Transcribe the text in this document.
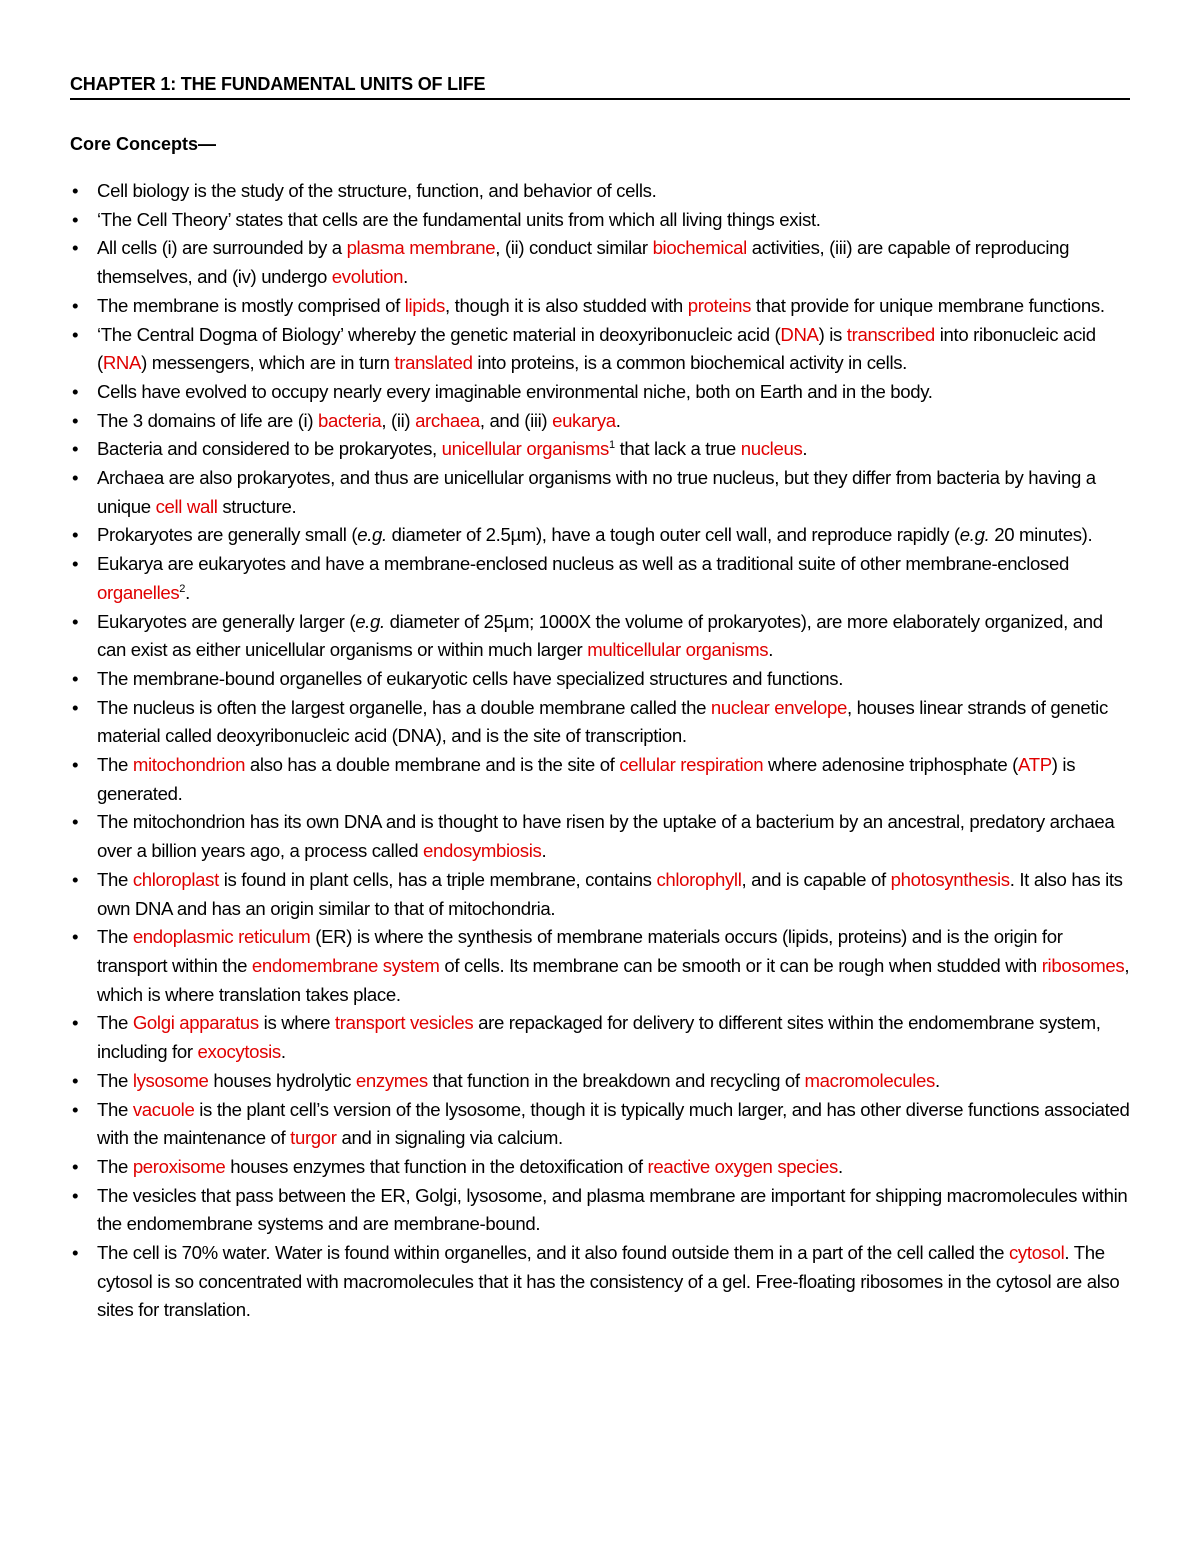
CHAPTER 1: THE FUNDAMENTAL UNITS OF LIFE
Core Concepts—
• Cell biology is the study of the structure, function, and behavior of cells.
• ‘The Cell Theory’ states that cells are the fundamental units from which all living things exist.
• All cells (i) are surrounded by a plasma membrane, (ii) conduct similar biochemical activities, (iii) are capable of reproducing themselves, and (iv) undergo evolution.
• The membrane is mostly comprised of lipids, though it is also studded with proteins that provide for unique membrane functions.
• ‘The Central Dogma of Biology’ whereby the genetic material in deoxyribonucleic acid (DNA) is transcribed into ribonucleic acid (RNA) messengers, which are in turn translated into proteins, is a common biochemical activity in cells.
• Cells have evolved to occupy nearly every imaginable environmental niche, both on Earth and in the body.
• The 3 domains of life are (i) bacteria, (ii) archaea, and (iii) eukarya.
• Bacteria and considered to be prokaryotes, unicellular organisms$^1$ that lack a true nucleus.
• Archaea are also prokaryotes, and thus are unicellular organisms with no true nucleus, but they differ from bacteria by having a unique cell wall structure.
• Prokaryotes are generally small (e.g. diameter of 2.5µm), have a tough outer cell wall, and reproduce rapidly (e.g. 20 minutes).
• Eukarya are eukaryotes and have a membrane-enclosed nucleus as well as a traditional suite of other membrane-enclosed organelles$^2$.
• Eukaryotes are generally larger (e.g. diameter of 25µm; 1000X the volume of prokaryotes), are more elaborately organized, and can exist as either unicellular organisms or within much larger multicellular organisms.
• The membrane-bound organelles of eukaryotic cells have specialized structures and functions.
• The nucleus is often the largest organelle, has a double membrane called the nuclear envelope, houses linear strands of genetic material called deoxyribonucleic acid (DNA), and is the site of transcription.
• The mitochondrion also has a double membrane and is the site of cellular respiration where adenosine triphosphate (ATP) is generated.
• The mitochondrion has its own DNA and is thought to have risen by the uptake of a bacterium by an ancestral, predatory archaea over a billion years ago, a process called endosymbiosis.
• The chloroplast is found in plant cells, has a triple membrane, contains chlorophyll, and is capable of photosynthesis. It also has its own DNA and has an origin similar to that of mitochondria.
• The endoplasmic reticulum (ER) is where the synthesis of membrane materials occurs (lipids, proteins) and is the origin for transport within the endomembrane system of cells. Its membrane can be smooth or it can be rough when studded with ribosomes, which is where translation takes place.
• The Golgi apparatus is where transport vesicles are repackaged for delivery to different sites within the endomembrane system, including for exocytosis.
• The lysosome houses hydrolytic enzymes that function in the breakdown and recycling of macromolecules.
• The vacuole is the plant cell’s version of the lysosome, though it is typically much larger, and has other diverse functions associated with the maintenance of turgor and in signaling via calcium.
• The peroxisome houses enzymes that function in the detoxification of reactive oxygen species.
• The vesicles that pass between the ER, Golgi, lysosome, and plasma membrane are important for shipping macromolecules within the endomembrane systems and are membrane-bound.
• The cell is 70% water. Water is found within organelles, and it also found outside them in a part of the cell called the cytosol. The cytosol is so concentrated with macromolecules that it has the consistency of a gel. Free-floating ribosomes in the cytosol are also sites for translation.
